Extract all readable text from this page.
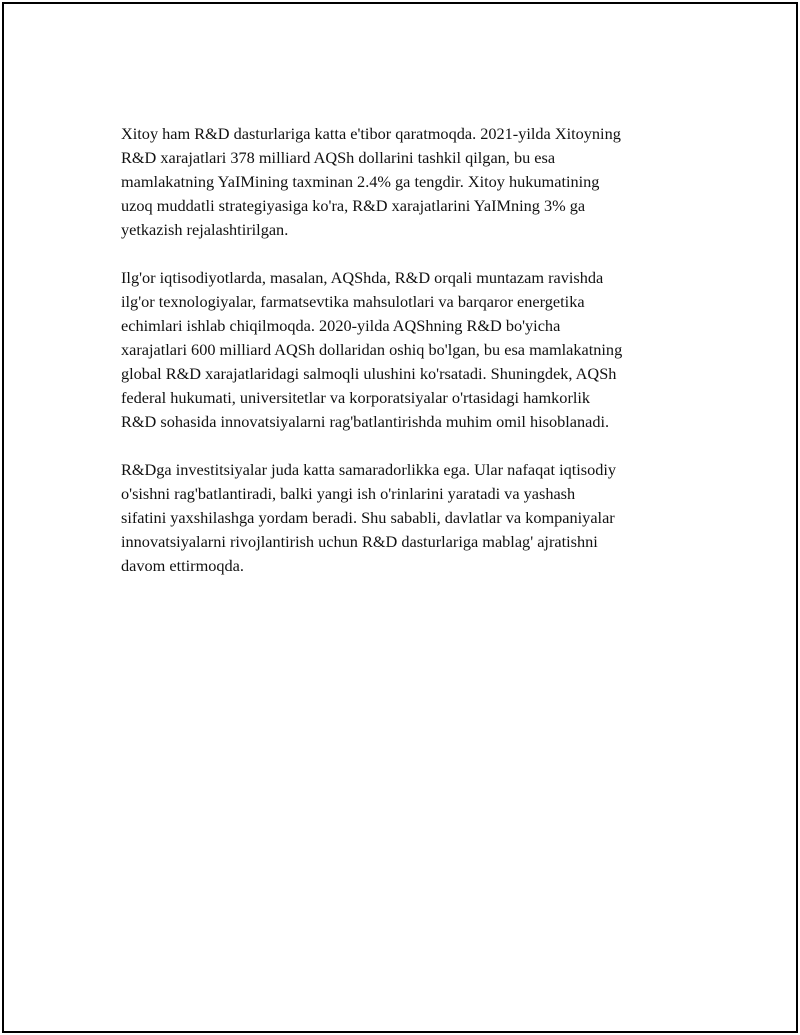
Xitoy ham R&D dasturlariga katta e'tibor qaratmoqda. 2021-yilda Xitoyning
R&D xarajatlari 378 milliard AQSh dollarini tashkil qilgan, bu esa
mamlakatning YaIMining taxminan 2.4% ga tengdir. Xitoy hukumatining
uzoq muddatli strategiyasiga ko'ra, R&D xarajatlarini YaIMning 3% ga
yetkazish rejalashtirilgan.

Ilg'or iqtisodiyotlarda, masalan, AQShda, R&D orqali muntazam ravishda
ilg'or texnologiyalar, farmatsevtika mahsulotlari va barqaror energetika
echimlari ishlab chiqilmoqda. 2020-yilda AQShning R&D bo'yicha
xarajatlari 600 milliard AQSh dollaridan oshiq bo'lgan, bu esa mamlakatning
global R&D xarajatlaridagi salmoqli ulushini ko'rsatadi. Shuningdek, AQSh
federal hukumati, universitetlar va korporatsiyalar o'rtasidagi hamkorlik
R&D sohasida innovatsiyalarni rag'batlantirishda muhim omil hisoblanadi.

R&Dga investitsiyalar juda katta samaradorlikka ega. Ular nafaqat iqtisodiy
o'sishni rag'batlantiradi, balki yangi ish o'rinlarini yaratadi va yashash
sifatini yaxshilashga yordam beradi. Shu sababli, davlatlar va kompaniyalar
innovatsiyalarni rivojlantirish uchun R&D dasturlariga mablag' ajratishni
davom ettirmoqda.
